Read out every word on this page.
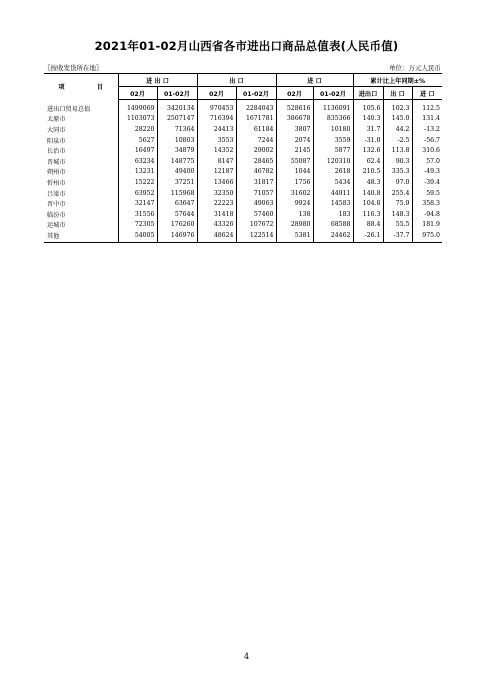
2021年01-02月山西省各市进出口商品总值表(人民币值)
〖按收发货所在地〗	单位：万元人民币
项 目	进 出 口		出 口		进 口		累计比上年同期±%		
	02月	01-02月	02月	01-02月	02月	01-02月	进出口	出 口	进 口
进出口贸易总值	1499069	3420134	970453	2284043	528616	1136091	105.6	102.3	112.5
太原市	1103073	2507147	716394	1671781	386678	835366	140.3	145.0	131.4
大同市	28220	71364	24413	61184	3807	10180	31.7	44.2	-13.2
阳泉市	5627	10803	3553	7244	2074	3559	-31.0	-2.5	-56.7
长治市	16497	34879	14352	29002	2145	5877	132.6	113.8	310.6
晋城市	63234	148775	8147	28465	55087	120310	62.4	90.3	57.0
朔州市	13231	49400	12187	46782	1044	2618	210.5	335.3	-49.3
忻州市	15222	37251	13466	31817	1756	5434	48.3	97.0	-39.4
吕梁市	63952	115968	32350	71057	31602	44911	140.8	255.4	59.5
晋中市	32147	63647	22223	49063	9924	14583	104.8	75.9	358.3
临汾市	31556	57644	31418	57460	138	183	116.3	148.3	-94.8
运城市	72305	176260	43326	107672	28980	68588	88.4	55.5	181.9
其他	54005	146976	48624	122514	5381	24462	-26.1	-37.7	975.0
4
